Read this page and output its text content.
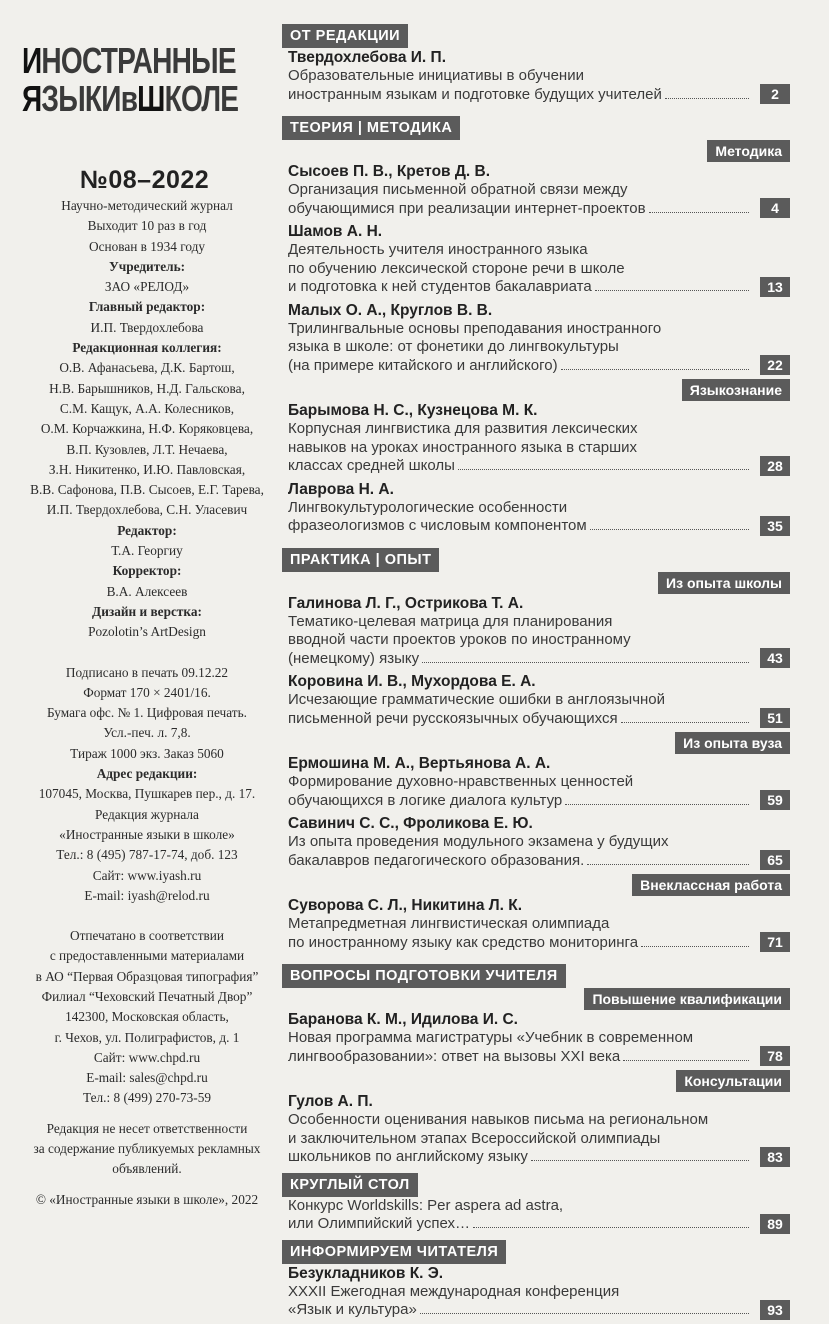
ИНОСТРАННЫЕ
ЯЗЫКИвШКОЛЕ
№08–2022
Научно-методический журнал
Выходит 10 раз в год
Основан в 1934 году
Учредитель:
ЗАО «РЕЛОД»
Главный редактор:
И.П. Твердохлебова
Редакционная коллегия:
О.В. Афанасьева, Д.К. Бартош,
Н.В. Барышников, Н.Д. Гальскова,
С.М. Кащук, А.А. Колесников,
О.М. Корчажкина, Н.Ф. Коряковцева,
В.П. Кузовлев, Л.Т. Нечаева,
З.Н. Никитенко, И.Ю. Павловская,
В.В. Сафонова, П.В. Сысоев, Е.Г. Тарева,
И.П. Твердохлебова, С.Н. Уласевич
Редактор:
Т.А. Георгиу
Корректор:
В.А. Алексеев
Дизайн и верстка:
Pozolotin’s ArtDesign
Подписано в печать 09.12.22
Формат 170 × 2401/16.
Бумага офс. № 1. Цифровая печать.
Усл.-печ. л. 7,8.
Тираж 1000 экз. Заказ 5060
Адрес редакции:
107045, Москва, Пушкарев пер., д. 17.
Редакция журнала
«Иностранные языки в школе»
Тел.: 8 (495) 787-17-74, доб. 123
Сайт: www.iyash.ru
E-mail: iyash@relod.ru
Отпечатано в соответствии
с предоставленными материалами
в АО “Первая Образцовая типография”
Филиал “Чеховский Печатный Двор”
142300, Московская область,
г. Чехов, ул. Полиграфистов, д. 1
Сайт: www.chpd.ru
E-mail: sales@chpd.ru
Тел.: 8 (499) 270-73-59
Редакция не несет ответственности
за содержание публикуемых рекламных
объявлений.
© «Иностранные языки в школе», 2022
ОТ РЕДАКЦИИ
Твердохлебова И. П.
Образовательные инициативы в обучении
иностранным языкам и подготовке будущих учителей	2
ТЕОРИЯ | МЕТОДИКА
Методика
Сысоев П. В., Кретов Д. В.
Организация письменной обратной связи между
обучающимися при реализации интернет-проектов	4
Шамов А. Н.
Деятельность учителя иностранного языка
по обучению лексической стороне речи в школе
и подготовка к ней студентов бакалавриата	13
Малых О. А., Круглов В. В.
Трилингвальные основы преподавания иностранного
языка в школе: от фонетики до лингвокультуры
(на примере китайского и английского)	22
Языкознание
Барымова Н. С., Кузнецова М. К.
Корпусная лингвистика для развития лексических
навыков на уроках иностранного языка в старших
классах средней школы	28
Лаврова Н. А.
Лингвокультурологические особенности
фразеологизмов с числовым компонентом	35
ПРАКТИКА | ОПЫТ
Из опыта школы
Галинова Л. Г., Острикова Т. А.
Тематико-целевая матрица для планирования
вводной части проектов уроков по иностранному
(немецкому) языку	43
Коровина И. В., Мухордова Е. А.
Исчезающие грамматические ошибки в англоязычной
письменной речи русскоязычных обучающихся	51
Из опыта вуза
Ермошина М. А., Вертьянова А. А.
Формирование духовно-нравственных ценностей
обучающихся в логике диалога культур	59
Савинич С. С., Фроликова Е. Ю.
Из опыта проведения модульного экзамена у будущих
бакалавров педагогического образования.	65
Внеклассная работа
Суворова С. Л., Никитина Л. К.
Метапредметная лингвистическая олимпиада
по иностранному языку как средство мониторинга	71
ВОПРОСЫ ПОДГОТОВКИ УЧИТЕЛЯ
Повышение квалификации
Баранова К. М., Идилова И. С.
Новая программа магистратуры «Учебник в современном
лингвообразовании»: ответ на вызовы XXI века	78
Консультации
Гулов А. П.
Особенности оценивания навыков письма на региональном
и заключительном этапах Всероссийской олимпиады
школьников по английскому языку	83
КРУГЛЫЙ СТОЛ
Конкурс Worldskills: Per aspera ad astra,
или Олимпийский успех…	89
ИНФОРМИРУЕМ ЧИТАТЕЛЯ
Безукладников К. Э.
XXXII Ежегодная международная конференция
«Язык и культура»	93
